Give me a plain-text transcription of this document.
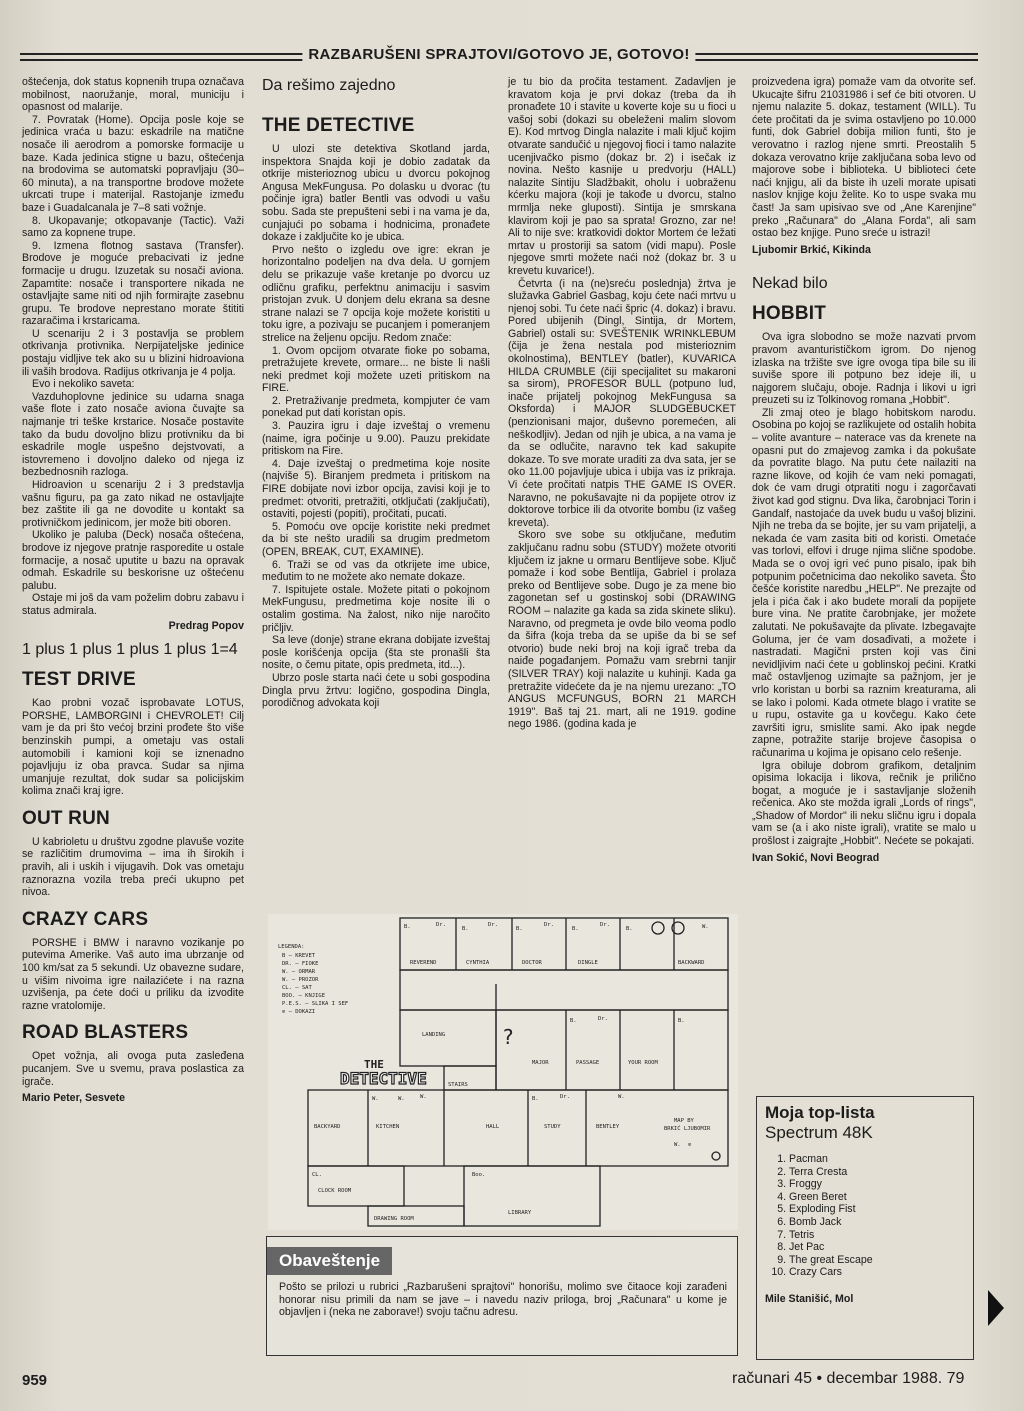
RAZBARUŠENI SPRAJTOVI/GOTOVO JE, GOTOVO!

oštećenja, dok status kopnenih trupa označava mobilnost, naoružanje, moral, municiju i opasnost od malarije.

7. Povratak (Home). Opcija posle koje se jedinica vraća u bazu: eskadrile na matične nosače ili aerodrom a pomorske formacije u baze. Kada jedinica stigne u bazu, oštećenja na brodovima se automatski popravljaju (30–60 minuta), a na transportne brodove možete ukrcati trupe i materijal. Rastojanje između baze i Guadalcanala je 7–8 sati vožnje.

8. Ukopavanje; otkopavanje (Tactic). Važi samo za kopnene trupe.

9. Izmena flotnog sastava (Transfer). Brodove je moguće prebacivati iz jedne formacije u drugu. Izuzetak su nosači aviona. Zapamtite: nosače i transportere nikada ne ostavljajte same niti od njih formirajte zasebnu grupu. Te brodove neprestano morate štititi razaračima i krstaricama.

U scenariju 2 i 3 postavlja se problem otkrivanja protivnika. Nerpijateljske jedinice postaju vidljive tek ako su u blizini hidroaviona ili vaših brodova. Radijus otkrivanja je 4 polja.

Evo i nekoliko saveta:

Vazduhoplovne jedinice su udarna snaga vaše flote i zato nosače aviona čuvajte sa najmanje tri teške krstarice. Nosače postavite tako da budu dovoljno blizu protivniku da bi eskadrile mogle uspešno dejstvovati, a istovremeno i dovoljno daleko od njega iz bezbednosnih razloga.

Hidroavion u scenariju 2 i 3 predstavlja vašnu figuru, pa ga zato nikad ne ostavljajte bez zaštite ili ga ne dovodite u kontakt sa protivničkom jedinicom, jer može biti oboren.

Ukoliko je paluba (Deck) nosača oštećena, brodove iz njegove pratnje rasporedite u ostale formacije, a nosač uputite u bazu na opravak odmah. Eskadrile su beskorisne uz oštećenu palubu.

Ostaje mi još da vam poželim dobru zabavu i status admirala.

Predrag Popov
1 plus 1 plus 1 plus 1 plus 1=4
TEST DRIVE

Kao probni vozač isprobavate LOTUS, PORSHE, LAMBORGINI i CHEVROLET! Cilj vam je da pri što većoj brzini prođete što više benzinskih pumpi, a ometaju vas ostali automobili i kamioni koji se iznenadno pojavljuju iz oba pravca. Sudar sa njima umanjuje rezultat, dok sudar sa policijskim kolima znači kraj igre.

OUT RUN

U kabrioletu u društvu zgodne plavuše vozite se različitim drumovima – ima ih širokih i pravih, ali i uskih i vijugavih. Dok vas ometaju raznorazna vozila treba preći ukupno pet nivoa.

CRAZY CARS

PORSHE i BMW i naravno vozikanje po putevima Amerike. Vaš auto ima ubrzanje od 100 km/sat za 5 sekundi. Uz obavezne sudare, u višim nivoima igre nailazićete i na razna uzvišenja, pa ćete doći u priliku da izvodite razne vratolomije.

ROAD BLASTERS

Opet vožnja, ali ovoga puta zasleđena pucanjem. Sve u svemu, prava poslastica za igrače.

Mario Peter, Sesvete
Da rešimo zajedno
THE DETECTIVE

U ulozi ste detektiva Skotland jarda, inspektora Snajda koji je dobio zadatak da otkrije misterioznog ubicu u dvorcu pokojnog Angusa MekFungusa. Po dolasku u dvorac (tu počinje igra) batler Bentli vas odvodi u vašu sobu. Sada ste prepušteni sebi i na vama je da, cunjajući po sobama i hodnicima, pronađete dokaze i zaključite ko je ubica.

Prvo nešto o izgledu ove igre: ekran je horizontalno podeljen na dva dela. U gornjem delu se prikazuje vaše kretanje po dvorcu uz odličnu grafiku, perfektnu animaciju i sasvim pristojan zvuk. U donjem delu ekrana sa desne strane nalazi se 7 opcija koje možete koristiti u toku igre, a pozivaju se pucanjem i pomeranjem strelice na željenu opciju. Redom znače:

1. Ovom opcijom otvarate fioke po sobama, pretražujete krevete, ormare... ne biste li našli neki predmet koji možete uzeti pritiskom na FIRE.

2. Pretraživanje predmeta, kompjuter će vam ponekad put dati koristan opis.

3. Pauzira igru i daje izveštaj o vremenu (naime, igra počinje u 9.00). Pauzu prekidate pritiskom na Fire.

4. Daje izveštaj o predmetima koje nosite (najviše 5). Biranjem predmeta i pritiskom na FIRE dobijate novi izbor opcija, zavisi koji je to predmet: otvoriti, pretražiti, otključati (zaključati), ostaviti, pojesti (popiti), pročitati, pucati.

5. Pomoću ove opcije koristite neki predmet da bi ste nešto uradili sa drugim predmetom (OPEN, BREAK, CUT, EXAMINE).

6. Traži se od vas da otkrijete ime ubice, međutim to ne možete ako nemate dokaze.

7. Ispitujete ostale. Možete pitati o pokojnom MekFungusu, predmetima koje nosite ili o ostalim gostima. Na žalost, niko nije naročito pričljiv.

Sa leve (donje) strane ekrana dobijate izveštaj posle korišćenja opcija (šta ste pronašli šta nosite, o čemu pitate, opis predmeta, itd...).

Ubrzo posle starta naći ćete u sobi gospodina Dingla prvu žrtvu: logično, gospodina Dingla, porodičnog advokata koji

je tu bio da pročita testament. Zadavljen je kravatom koja je prvi dokaz (treba da ih pronađete 10 i stavite u koverte koje su u fioci u vašoj sobi (dokazi su obeleženi malim slovom E). Kod mrtvog Dingla nalazite i mali ključ kojim otvarate sandučić u njegovoj fioci i tamo nalazite ucenjivačko pismo (dokaz br. 2) i isečak iz novina. Nešto kasnije u predvorju (HALL) nalazite Sintiju Sladžbakit, oholu i uobraženu kćerku majora (koji je takođe u dvorcu, stalno mrmlja neke gluposti). Sintija je smrskana klavirom koji je pao sa sprata! Grozno, zar ne! Ali to nije sve: kratkovidi doktor Mortem će ležati mrtav u prostoriji sa satom (vidi mapu). Posle njegove smrti možete naći noż (dokaz br. 3 u krevetu kuvarice!).

Četvrta (i na (ne)sreću poslednja) žrtva je služavka Gabriel Gasbag, koju ćete naći mrtvu u njenoj sobi. Tu ćete naći špric (4. dokaz) i bravu. Pored ubijenih (Dingl, Sintija, dr Mortem, Gabriel) ostali su: SVEŠTENIK WRINKLEBUM (čija je žena nestala pod misterioznim okolnostima), BENTLEY (batler), KUVARICA HILDA CRUMBLE (čiji specijalitet su makaroni sa sirom), PROFESOR BULL (potpuno lud, inače prijatelj pokojnog MekFungusa sa Oksforda) i MAJOR SLUDGEBUCKET (penzionisani major, duševno poremećen, ali neškodljiv). Jedan od njih je ubica, a na vama je da se odlučite, naravno tek kad sakupite dokaze. To sve morate uraditi za dva sata, jer se oko 11.00 pojavljuje ubica i ubija vas iz prikraja. Vi ćete pročitati natpis THE GAME IS OVER. Naravno, ne pokušavajte ni da popijete otrov iz doktorove torbice ili da otvorite bombu (iz vašeg kreveta).

Skoro sve sobe su otključane, međutim zaključanu radnu sobu (STUDY) možete otvoriti ključem iz jakne u ormaru Bentlijeve sobe. Ključ pomaže i kod sobe Bentlija, Gabriel i prolaza preko od Bentlijeve sobe. Dugo je za mene bio zagonetan sef u gostinskoj sobi (DRAWING ROOM – nalazite ga kada sa zida skinete sliku). Naravno, od pregmeta je ovde bilo veoma podlo da šifra (koja treba da se upiše da bi se sef otvorio) bude neki broj na koji igrač treba da naiđe pogađanjem. Pomažu vam srebrni tanjir (SILVER TRAY) koji nalazite u kuhinji. Kada ga pretražite videćete da je na njemu urezano: „TO ANGUS MCFUNGUS, BORN 21 MARCH 1919". Baš taj 21. mart, ali ne 1919. godine nego 1986. (godina kada je

proizvedena igra) pomaže vam da otvorite sef. Ukucajte šifru 21031986 i sef će biti otvoren. U njemu nalazite 5. dokaz, testament (WILL). Tu ćete pročitati da je svima ostavljeno po 10.000 funti, dok Gabriel dobija milion funti, što je verovatno i razlog njene smrti. Preostalih 5 dokaza verovatno krije zaključana soba levo od majorove sobe i biblioteka. U biblioteci ćete naći knjigu, ali da biste ih uzeli morate upisati naslov knjige koju želite. Ko to uspe svaka mu čast! Ja sam upisivao sve od „Ane Karenjine" preko „Računara" do „Alana Forda", ali sam ostao bez knjige. Puno sreće u istrazi!

Ljubomir Brkić, Kikinda
Nekad bilo
HOBBIT

Ova igra slobodno se može nazvati prvom pravom avanturističkom igrom. Do njenog izlaska na tržište sve igre ovoga tipa bile su ili suviše spore ili potpuno bez ideje ili, u najgorem slučaju, oboje. Radnja i likovi u igri preuzeti su iz Tolkinovog romana „Hobbit".

Zli zmaj oteo je blago hobitskom narodu. Osobina po kojoj se razlikujete od ostalih hobita – volite avanture – naterace vas da krenete na opasni put do zmajevog zamka i da pokušate da povratite blago. Na putu ćete nailaziti na razne likove, od kojih će vam neki pomagati, dok će vam drugi otpratiti nogu i zagorčavati život kad god stignu. Dva lika, čarobnjaci Torin i Gandalf, nastojaće da uvek budu u vašoj blizini. Njih ne treba da se bojite, jer su vam prijatelji, a nekada će vam zasita biti od koristi. Ometaće vas torlovi, elfovi i druge njima slične spodobe. Mada se o ovoj igri već puno pisalo, ipak bih potpunim početnicima dao nekoliko saveta. Što češće koristite naredbu „HELP". Ne prezajte od jela i pića čak i ako budete morali da popijete bure vina. Ne pratite čarobnjake, jer možete zalutati. Ne pokušavajte da plivate. Izbegavajte Goluma, jer će vam dosađivati, a možete i nastradati. Magični prsten koji vas čini nevidljivim naći ćete u goblinskoj pećini. Kratki mač ostavljenog uzimajte sa pažnjom, jer je vrlo koristan u borbi sa raznim kreaturama, ali se lako i polomi. Kada otmete blago i vratite se u rupu, ostavite ga u kovčegu. Kako ćete završiti igru, smislite sami. Ako ipak negde zapne, potražite starije brojeve časopisa o računarima u kojima je opisano celo rešenje.

Igra obiluje dobrom grafikom, detaljnim opisima lokacija i likova, rečnik je prilično bogat, a moguće je i sastavljanje složenih rečenica. Ako ste možda igrali „Lords of rings", „Shadow of Mordor" ili neku sličnu igru i dopala vam se (a i ako niste igrali), vratite se malo u prošlost i zaigrajte „Hobbit". Nećete se pokajati.

Ivan Sokić, Novi Beograd
LEGENDA:
B – KREVET
DR. – FIOKE
W. – ORMAR
W. – PROZOR
CL. – SAT
BOO. – KNJIGE
P.E.S. – SLIKA I SEF
⊘ – DOKAZI
B.	Dr.
B.
Dr.
B.
Dr.
B.
Dr.
B.	W.
REVEREND	CYNTHIA	DOCTOR	DINGLE	BACKWARD
LANDING
B.	Dr.	B.
MAJOR	PASSAGE	YOUR ROOM
STAIRS
W.	W.	W.	B.	Dr.	W.
BACKYARD	KITCHEN	HALL	STUDY	BENTLEY
MAP BY
BRKIĆ LJUBOMIR
W. ⊘
CL.
CLOCK ROOM
Boo.
DRAWING ROOM
LIBRARY
?
THE
DETECTIVE
Obaveštenje
Pošto se prilozi u rubrici „Razbarušeni sprajtovi" honorišu, molimo sve čitaoce koji zarađeni honorar nisu primili da nam se jave – i navedu naziv priloga, broj „Računara" u kome je objavljen i (neka ne zaborave!) svoju tačnu adresu.
Moja top-lista
Spectrum 48K
1. Pacman
2. Terra Cresta
3. Froggy
4. Green Beret
5. Exploding Fist
6. Bomb Jack
7. Tetris
8. Jet Pac
9. The great Escape
10. Crazy Cars
Mile Stanišić, Mol
959	računari 45 • decembar 1988. 79
